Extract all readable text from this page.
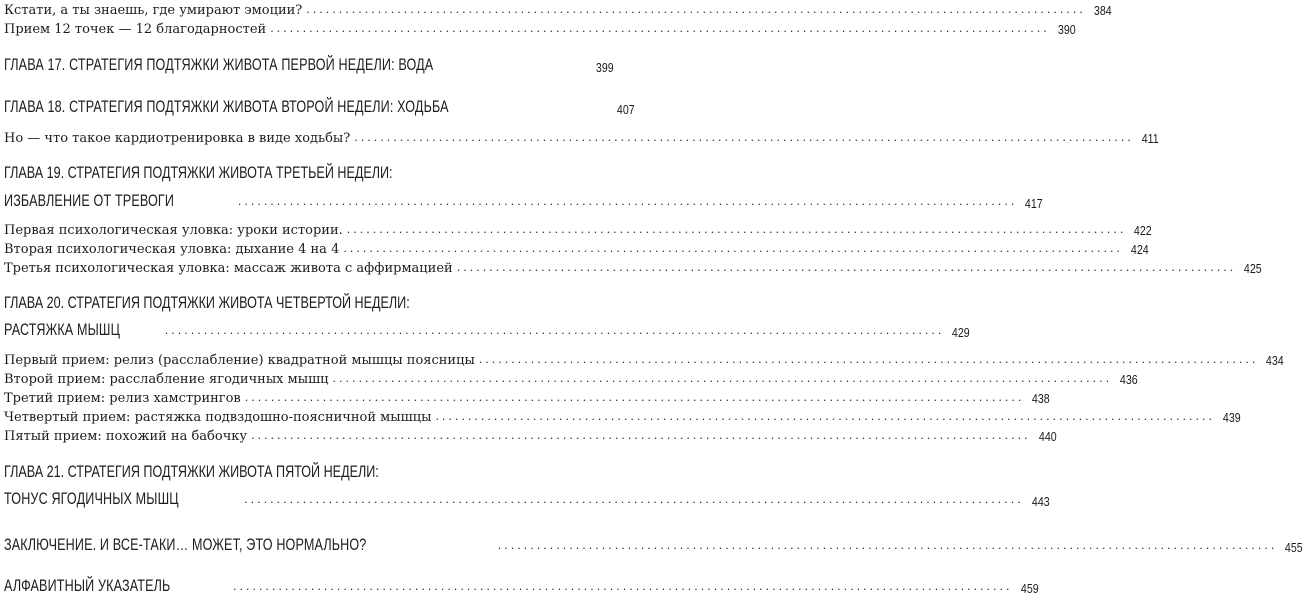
Кстати, а ты знаешь, где умирают эмоции? ........................................................................................................................ 384
Прием 12 точек — 12 благодарностей ........................................................................................................................ 390
ГЛАВА 17. СТРАТЕГИЯ ПОДТЯЖКИ ЖИВОТА ПЕРВОЙ НЕДЕЛИ: ВОДА	399
ГЛАВА 18. СТРАТЕГИЯ ПОДТЯЖКИ ЖИВОТА ВТОРОЙ НЕДЕЛИ: ХОДЬБА	407
Но — что такое кардиотренировка в виде ходьбы? ........................................................................................................................ 411
ГЛАВА 19. СТРАТЕГИЯ ПОДТЯЖКИ ЖИВОТА ТРЕТЬЕЙ НЕДЕЛИ:
ИЗБАВЛЕНИЕ ОТ ТРЕВОГИ	........................................................................................................................ 417
Первая психологическая уловка: уроки истории. ........................................................................................................................ 422
Вторая психологическая уловка: дыхание 4 на 4 ........................................................................................................................ 424
Третья психологическая уловка: массаж живота с аффирмацией ........................................................................................................................ 425
ГЛАВА 20. СТРАТЕГИЯ ПОДТЯЖКИ ЖИВОТА ЧЕТВЕРТОЙ НЕДЕЛИ:
РАСТЯЖКА МЫШЦ	........................................................................................................................ 429
Первый прием: релиз (расслабление) квадратной мышцы поясницы ........................................................................................................................ 434
Второй прием: расслабление ягодичных мышц ........................................................................................................................ 436
Третий прием: релиз хамстрингов ........................................................................................................................ 438
Четвертый прием: растяжка подвздошно-поясничной мышцы ........................................................................................................................ 439
Пятый прием: похожий на бабочку ........................................................................................................................ 440
ГЛАВА 21. СТРАТЕГИЯ ПОДТЯЖКИ ЖИВОТА ПЯТОЙ НЕДЕЛИ:
ТОНУС ЯГОДИЧНЫХ МЫШЦ	........................................................................................................................ 443
ЗАКЛЮЧЕНИЕ. И ВСЕ-ТАКИ… МОЖЕТ, ЭТО НОРМАЛЬНО?	........................................................................................................................ 455
АЛФАВИТНЫЙ УКАЗАТЕЛЬ	........................................................................................................................ 459
